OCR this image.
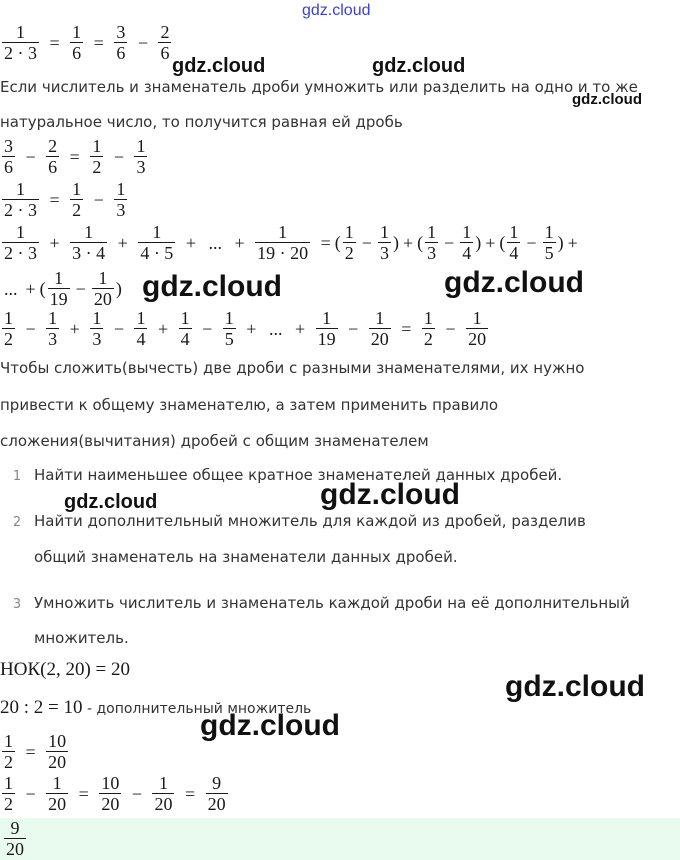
gdz.cloud
$\frac{1}{2 \cdot 3} = \frac{1}{6} = \frac{3}{6} - \frac{2}{6}$
Если числитель и знаменатель дроби умножить или разделить на одно и то же
натуральное число, то получится равная ей дробь
$\frac{3}{6} - \frac{2}{6} = \frac{1}{2} - \frac{1}{3}$
$\frac{1}{2 \cdot 3} = \frac{1}{2} - \frac{1}{3}$
$\frac{1}{2 \cdot 3} + \frac{1}{3 \cdot 4} + \frac{1}{4 \cdot 5}$ + ... + $\frac{1}{19 \cdot 20}$ = ( $\frac{1}{2} - \frac{1}{3}$ ) + ( $\frac{1}{3} - \frac{1}{4}$ ) + ( $\frac{1}{4} - \frac{1}{5}$ ) +
... + ( $\frac{1}{19} - \frac{1}{20}$ )
$\frac{1}{2} - \frac{1}{3} + \frac{1}{3} - \frac{1}{4} + \frac{1}{4} - \frac{1}{5}$ + ... + $\frac{1}{19} - \frac{1}{20} = \frac{1}{2} - \frac{1}{20}$
Чтобы сложить(вычесть) две дроби с разными знаменателями, их нужно
привести к общему знаменателю, а затем применить правило
сложения(вычитания) дробей с общим знаменателем
1 Найти наименьшее общее кратное знаменателей данных дробей.
2 Найти дополнительный множитель для каждой из дробей, разделив
общий знаменатель на знаменатели данных дробей.
3 Умножить числитель и знаменатель каждой дроби на её дополнительный
множитель.
НОК(2, 20) = 20
20 : 2 = 10 - дополнительный множитель
$\frac{1}{2} = \frac{10}{20}$
$\frac{1}{2} - \frac{1}{20} = \frac{10}{20} - \frac{1}{20} = \frac{9}{20}$
$\frac{9}{20}$
gdz.cloud	gdz.cloud
gdz.cloud
gdz.cloud	gdz.cloud
gdz.cloud	gdz.cloud
gdz.cloud
gdz.cloud
